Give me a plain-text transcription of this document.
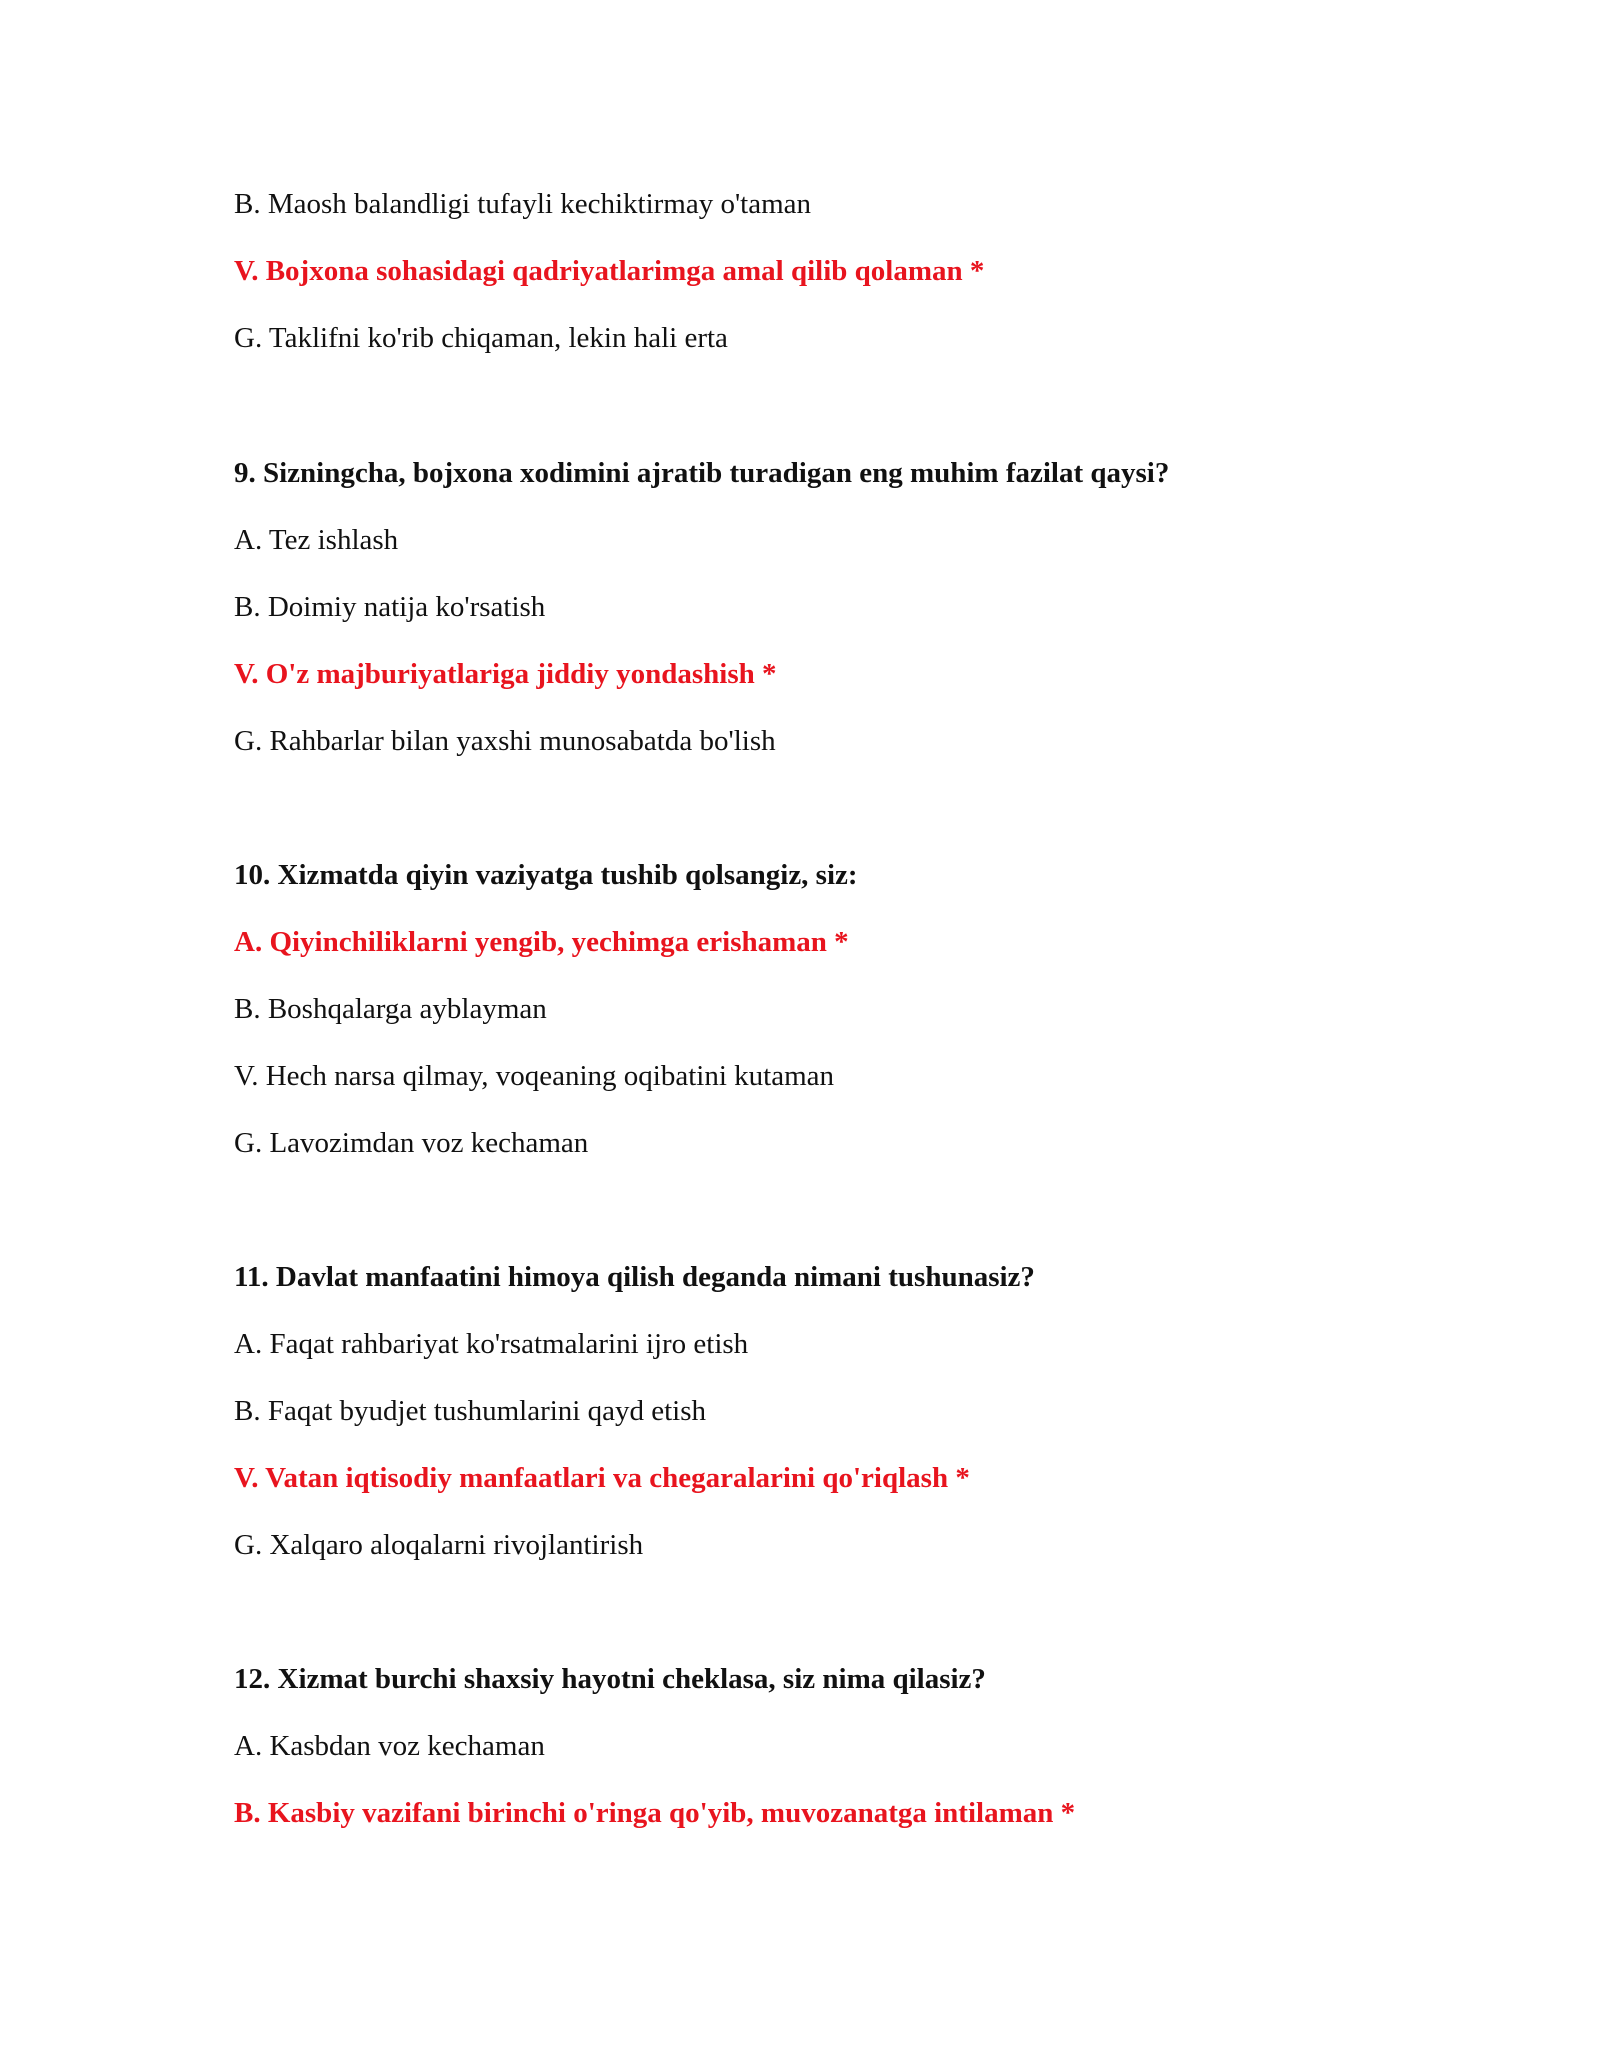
B. Maosh balandligi tufayli kechiktirmay o'taman
V. Bojxona sohasidagi qadriyatlarimga amal qilib qolaman *
G. Taklifni ko'rib chiqaman, lekin hali erta
9. Sizningcha, bojxona xodimini ajratib turadigan eng muhim fazilat qaysi?
A. Tez ishlash
B. Doimiy natija ko'rsatish
V. O'z majburiyatlariga jiddiy yondashish *
G. Rahbarlar bilan yaxshi munosabatda bo'lish
10. Xizmatda qiyin vaziyatga tushib qolsangiz, siz:
A. Qiyinchiliklarni yengib, yechimga erishaman *
B. Boshqalarga ayblayman
V. Hech narsa qilmay, voqeaning oqibatini kutaman
G. Lavozimdan voz kechaman
11. Davlat manfaatini himoya qilish deganda nimani tushunasiz?
A. Faqat rahbariyat ko'rsatmalarini ijro etish
B. Faqat byudjet tushumlarini qayd etish
V. Vatan iqtisodiy manfaatlari va chegaralarini qo'riqlash *
G. Xalqaro aloqalarni rivojlantirish
12. Xizmat burchi shaxsiy hayotni cheklasa, siz nima qilasiz?
A. Kasbdan voz kechaman
B. Kasbiy vazifani birinchi o'ringa qo'yib, muvozanatga intilaman *
